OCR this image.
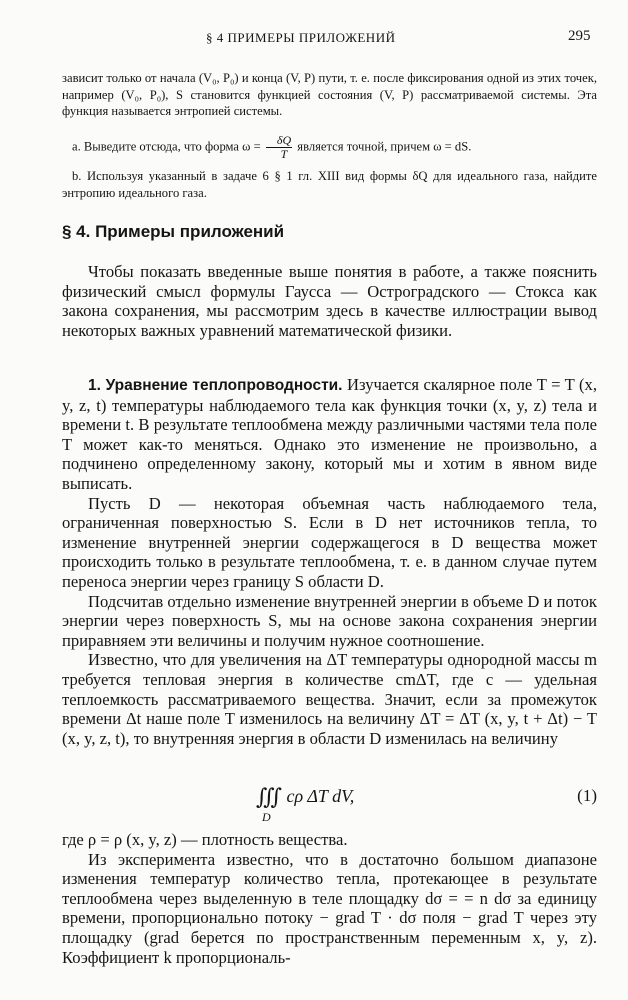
§ 4 ПРИМЕРЫ ПРИЛОЖЕНИЙ	295

зависит только от начала (V₀, P₀) и конца (V, P) пути, т. е. после фиксирования одной из этих точек, например (V₀, P₀), S становится функцией состояния (V, P) рассматриваемой системы. Эта функция называется энтропией системы.

a. Выведите отсюда, что форма $\omega = \frac{\delta Q}{T}$ является точной, причем ω = dS.

b. Используя указанный в задаче 6 § 1 гл. XIII вид формы δQ для идеального газа, найдите энтропию идеального газа.

§ 4. Примеры приложений

Чтобы показать введенные выше понятия в работе, а также пояснить физический смысл формулы Гаусса — Остроградского — Стокса как закона сохранения, мы рассмотрим здесь в качестве иллюстрации вывод некоторых важных уравнений математической физики.

1. Уравнение теплопроводности. Изучается скалярное поле T = T (x, y, z, t) температуры наблюдаемого тела как функция точки (x, y, z) тела и времени t. В результате теплообмена между различными частями тела поле T может как-то меняться. Однако это изменение не произвольно, а подчинено определенному закону, который мы и хотим в явном виде выписать.

Пусть D — некоторая объемная часть наблюдаемого тела, ограниченная поверхностью S. Если в D нет источников тепла, то изменение внутренней энергии содержащегося в D вещества может происходить только в результате теплообмена, т. е. в данном случае путем переноса энергии через границу S области D.

Подсчитав отдельно изменение внутренней энергии в объеме D и поток энергии через поверхность S, мы на основе закона сохранения энергии приравняем эти величины и получим нужное соотношение.

Известно, что для увеличения на ΔT температуры однородной массы m требуется тепловая энергия в количестве cmΔT, где c — удельная теплоемкость рассматриваемого вещества. Значит, если за промежуток времени Δt наше поле T изменилось на величину ΔT = ΔT (x, y, t + Δt) − T (x, y, z, t), то внутренняя энергия в области D изменилась на величину

∭ cρ ΔT dV,
D
(1)

где ρ = ρ (x, y, z) — плотность вещества.

Из эксперимента известно, что в достаточно большом диапазоне изменения температур количество тепла, протекающее в результате теплообмена через выделенную в теле площадку dσ = = n dσ за единицу времени, пропорционально потоку − grad T · dσ поля − grad T через эту площадку (grad берется по пространственным переменным x, y, z). Коэффициент k пропорциональ-
